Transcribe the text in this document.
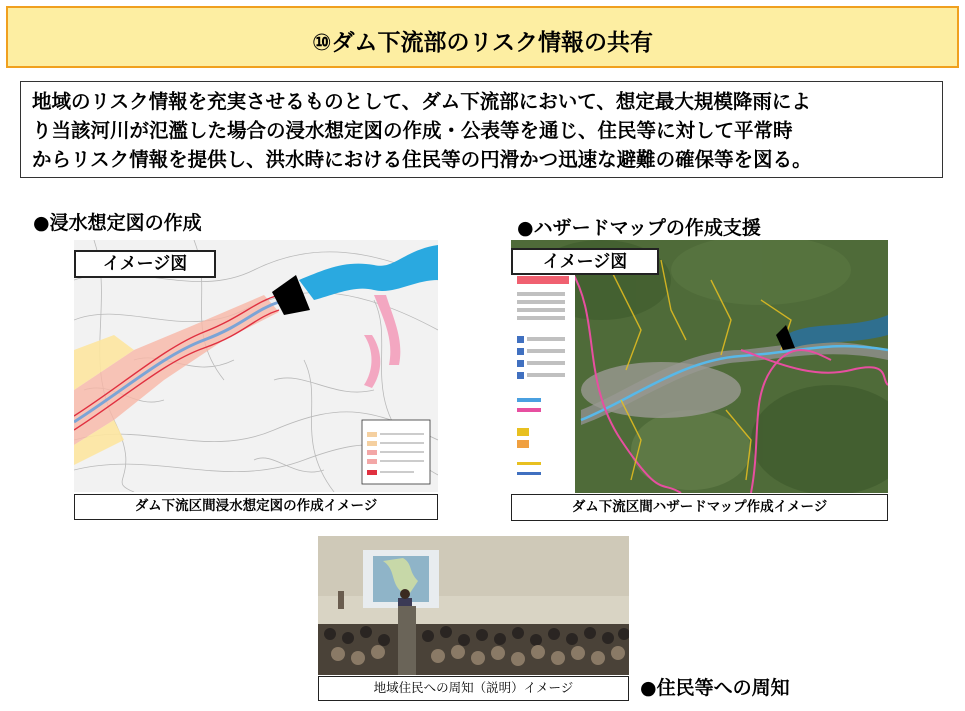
⑩ダム下流部のリスク情報の共有
地域のリスク情報を充実させるものとして、ダム下流部において、想定最大規模降雨によ
り当該河川が氾濫した場合の浸水想定図の作成・公表等を通じ、住民等に対して平常時
からリスク情報を提供し、洪水時における住民等の円滑かつ迅速な避難の確保等を図る。
●浸水想定図の作成	●ハザードマップの作成支援
●住民等への周知
イメージ図
ダム下流区間浸水想定図の作成イメージ
イメージ図
ダム下流区間ハザードマップ作成イメージ
地域住民への周知（説明）イメージ
